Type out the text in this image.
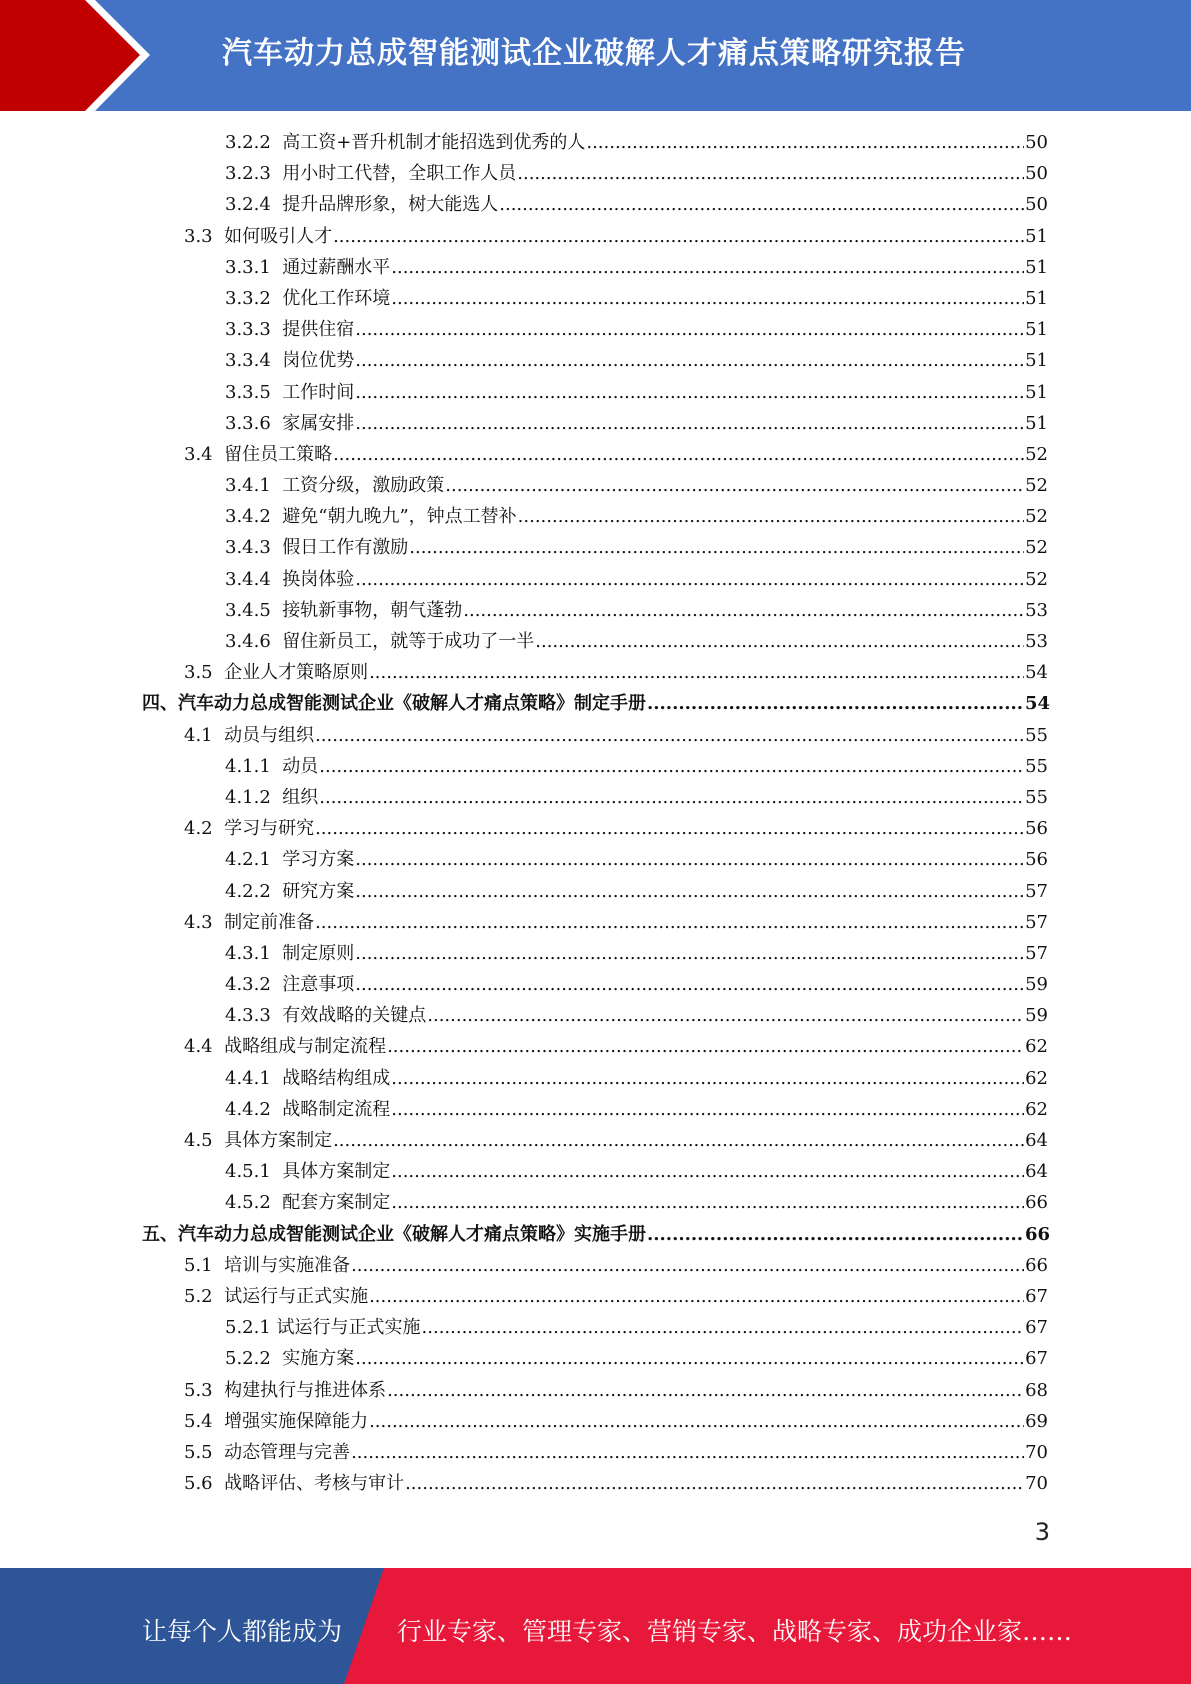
汽车动力总成智能测试企业破解人才痛点策略研究报告
3.2.2 高工资+晋升机制才能招选到优秀的人 .....	50
3.2.3 用小时工代替，全职工作人员 .....	50
3.2.4 提升品牌形象，树大能选人 .....	50
3.3 如何吸引人才 .....	51
3.3.1 通过薪酬水平 .....	51
3.3.2 优化工作环境 .....	51
3.3.3 提供住宿 .....	51
3.3.4 岗位优势 .....	51
3.3.5 工作时间 .....	51
3.3.6 家属安排 .....	51
3.4 留住员工策略 .....	52
3.4.1 工资分级，激励政策 .....	52
3.4.2 避免“朝九晚九”，钟点工替补 .....	52
3.4.3 假日工作有激励 .....	52
3.4.4 换岗体验 .....	52
3.4.5 接轨新事物，朝气蓬勃 .....	53
3.4.6 留住新员工，就等于成功了一半 .....	53
3.5 企业人才策略原则 .....	54
四、汽车动力总成智能测试企业《破解人才痛点策略》制定手册 .....	54
4.1 动员与组织 .....	55
4.1.1 动员 .....	55
4.1.2 组织 .....	55
4.2 学习与研究 .....	56
4.2.1 学习方案 .....	56
4.2.2 研究方案 .....	57
4.3 制定前准备 .....	57
4.3.1 制定原则 .....	57
4.3.2 注意事项 .....	59
4.3.3 有效战略的关键点 .....	59
4.4 战略组成与制定流程 .....	62
4.4.1 战略结构组成 .....	62
4.4.2 战略制定流程 .....	62
4.5 具体方案制定 .....	64
4.5.1 具体方案制定 .....	64
4.5.2 配套方案制定 .....	66
五、汽车动力总成智能测试企业《破解人才痛点策略》实施手册 .....	66
5.1 培训与实施准备 .....	66
5.2 试运行与正式实施 .....	67
5.2.1 试运行与正式实施 .....	67
5.2.2 实施方案 .....	67
5.3 构建执行与推进体系 .....	68
5.4 增强实施保障能力 .....	69
5.5 动态管理与完善 .....	70
5.6 战略评估、考核与审计 .....	70
3
让每个人都能成为 行业专家、管理专家、营销专家、战略专家、成功企业家……
